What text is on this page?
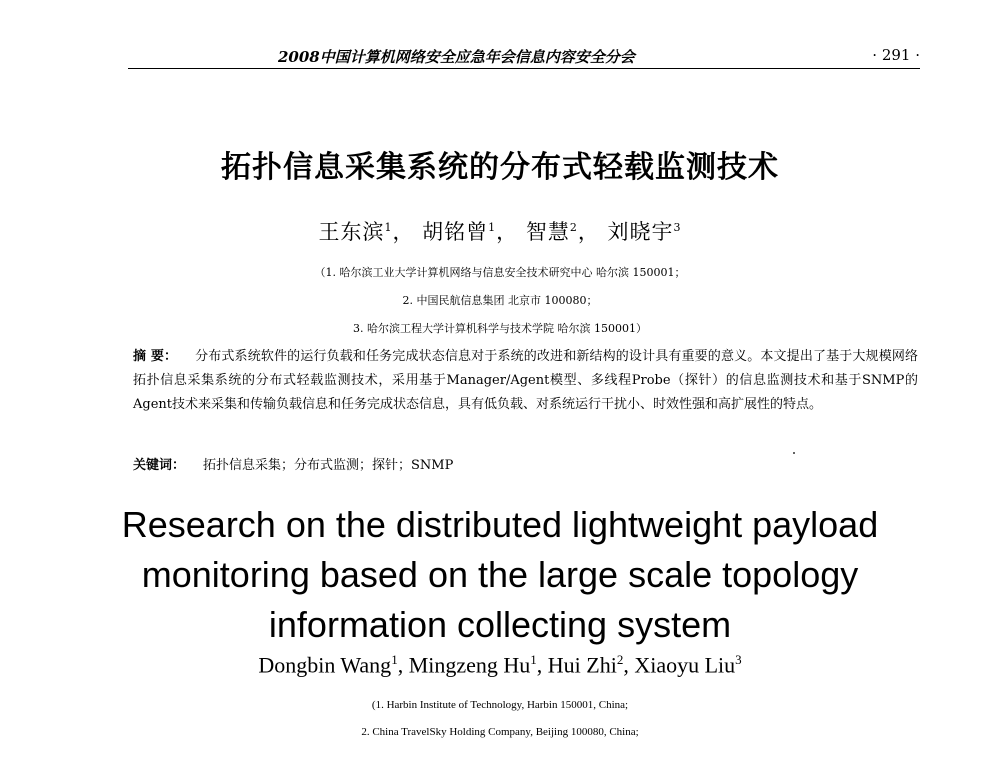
2008中国计算机网络安全应急年会信息内容安全分会	· 291 ·
拓扑信息采集系统的分布式轻载监测技术
王东滨$^1$， 胡铭曾$^1$， 智慧$^2$， 刘晓宇$^3$
（1. 哈尔滨工业大学计算机网络与信息安全技术研究中心 哈尔滨 150001；
2. 中国民航信息集团 北京市 100080；
3. 哈尔滨工程大学计算机科学与技术学院 哈尔滨 150001）
摘 要： 分布式系统软件的运行负载和任务完成状态信息对于系统的改进和新结构的设计具有重要的意义。本文提出了基于大规模网络拓扑信息采集系统的分布式轻载监测技术，采用基于Manager/Agent模型、多线程Probe（探针）的信息监测技术和基于SNMP的Agent技术来采集和传输负载信息和任务完成状态信息，具有低负载、对系统运行干扰小、时效性强和高扩展性的特点。
关键词： 拓扑信息采集；分布式监测；探针；SNMP
Research on the distributed lightweight payload
monitoring based on the large scale topology
information collecting system
Dongbin Wang$^1$, Mingzeng Hu$^1$, Hui Zhi$^2$, Xiaoyu Liu$^3$
(1. Harbin Institute of Technology, Harbin 150001, China;
2. China TravelSky Holding Company, Beijing 100080, China;
